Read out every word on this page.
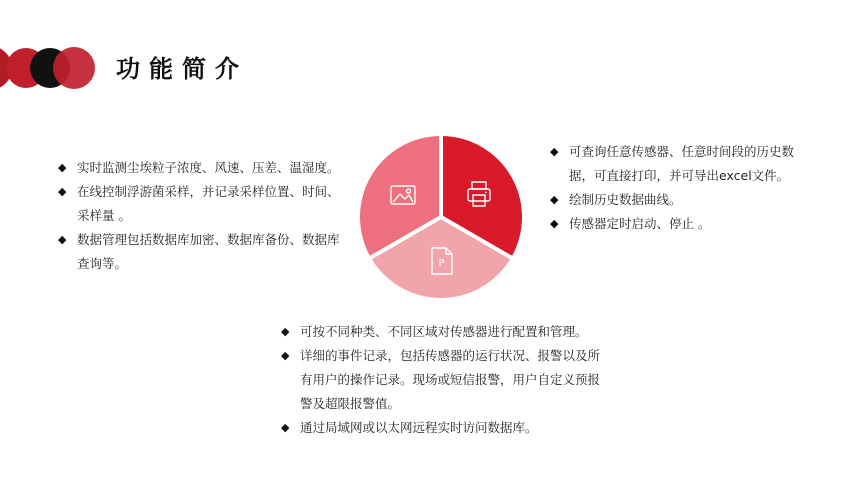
功能简介
P
◆ 实时监测尘埃粒子浓度、风速、压差、温湿度。
◆ 在线控制浮游菌采样，并记录采样位置、时间、采样量 。
◆ 数据管理包括数据库加密、数据库备份、数据库查询等。
◆ 可查询任意传感器、任意时间段的历史数据，可直接打印，并可导出excel文件。
◆ 绘制历史数据曲线。
◆ 传感器定时启动、停止 。
◆ 可按不同种类、不同区域对传感器进行配置和管理。
◆ 详细的事件记录，包括传感器的运行状况、报警以及所有用户的操作记录。现场或短信报警，用户自定义预报警及超限报警值。
◆ 通过局域网或以太网远程实时访问数据库。
